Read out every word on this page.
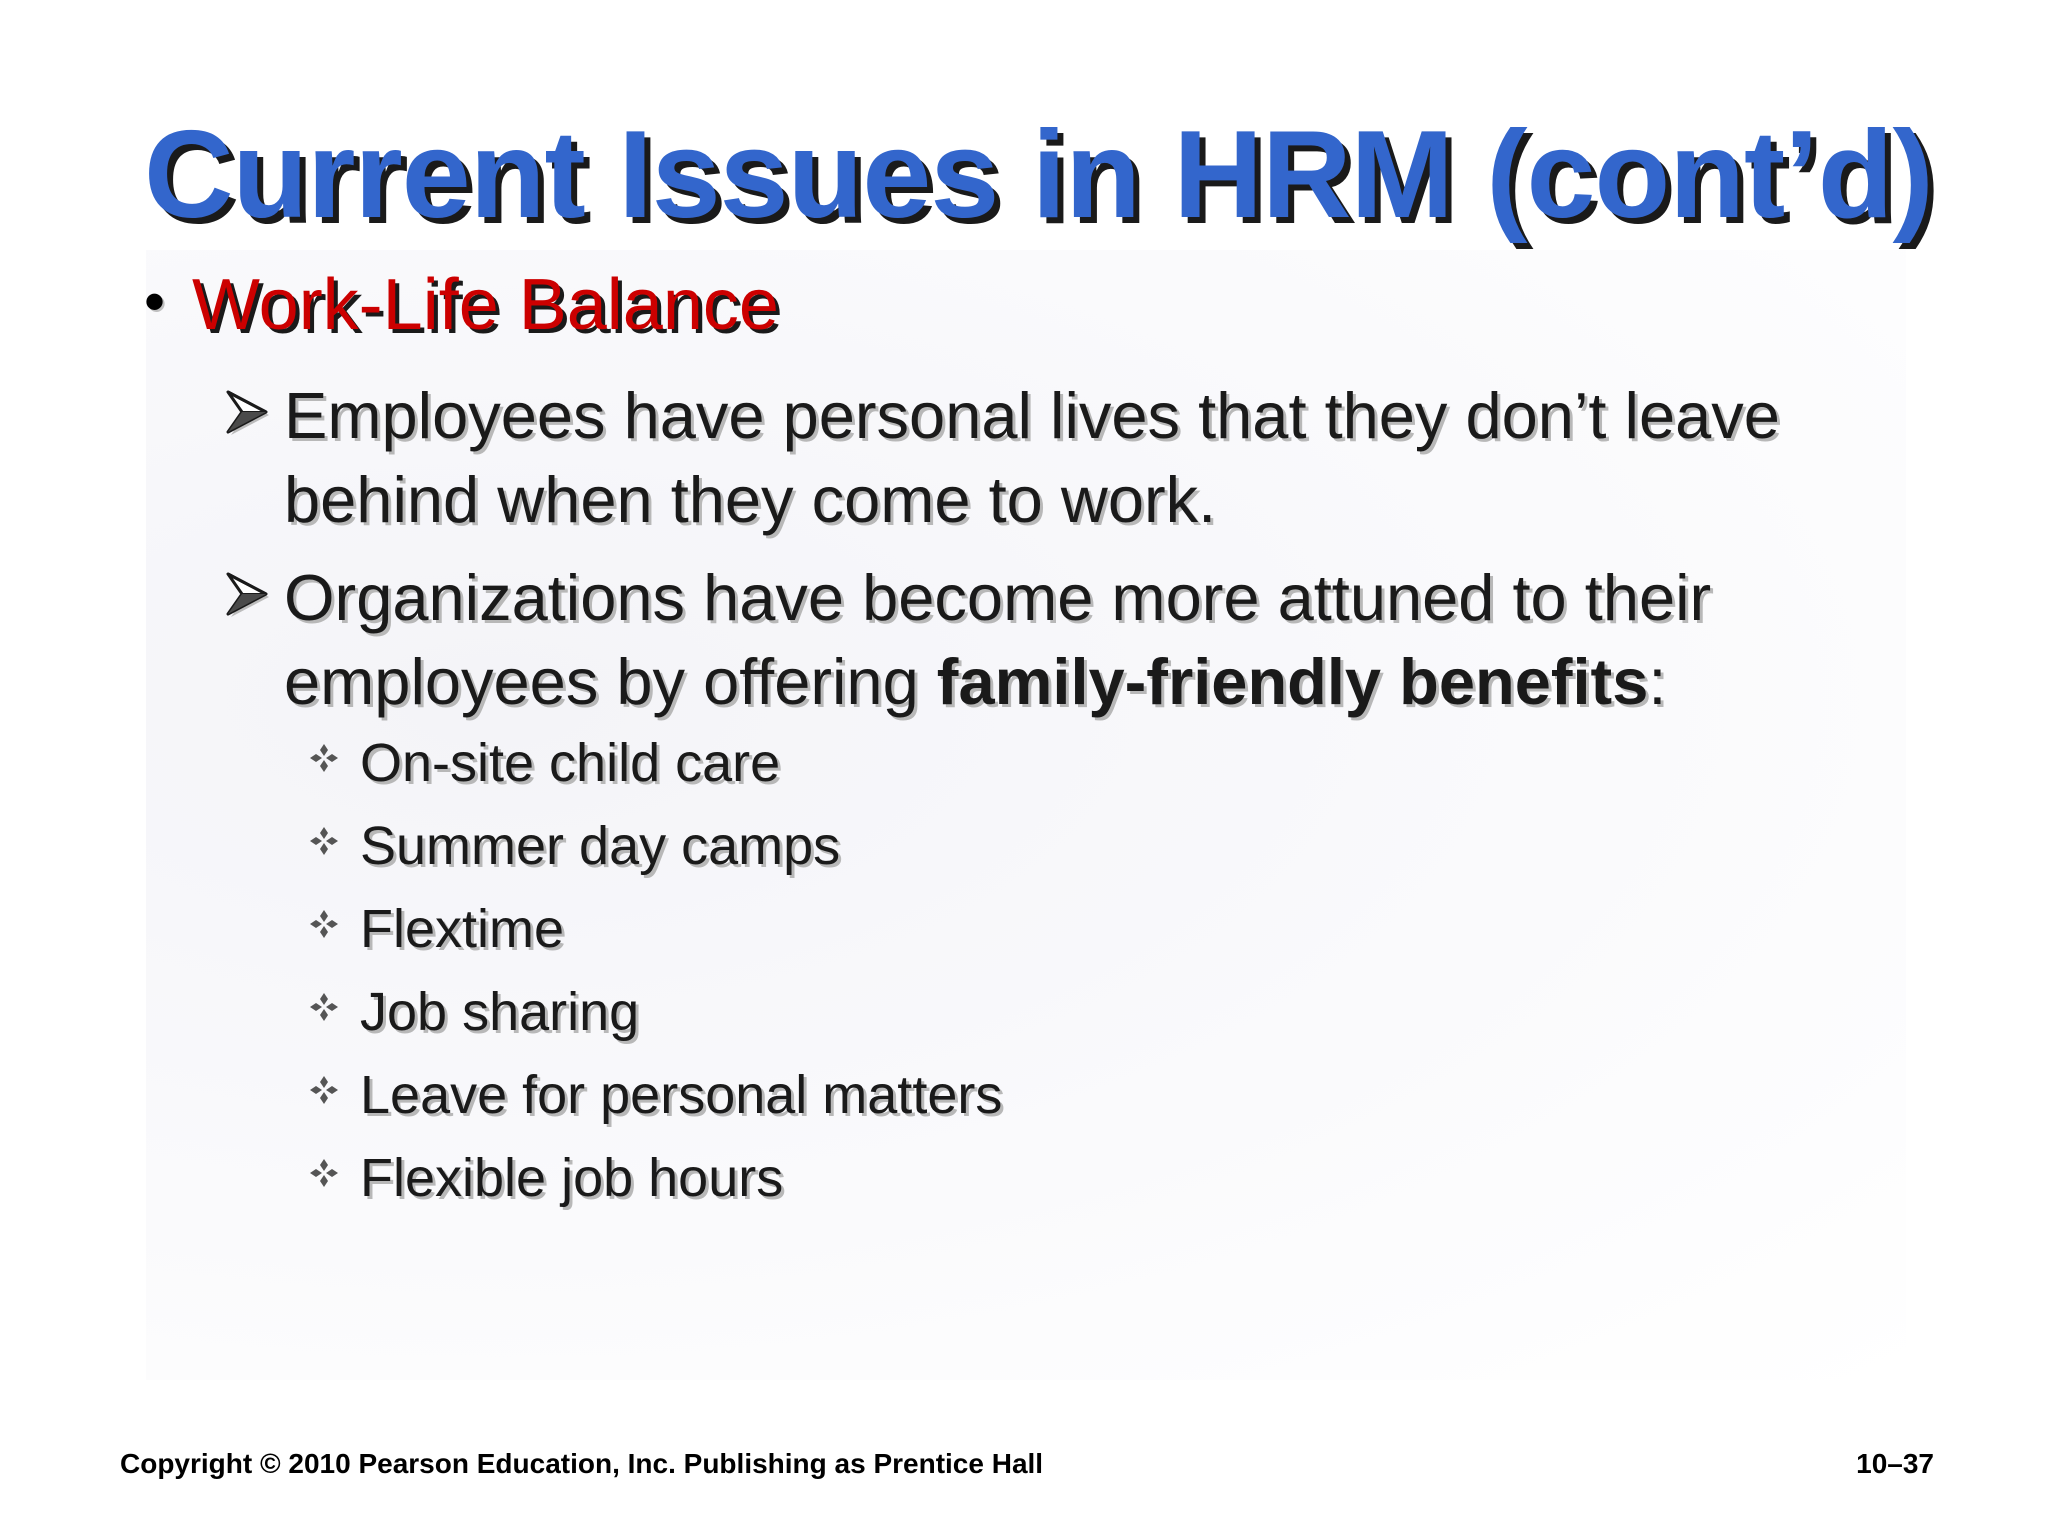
Current Issues in HRM (cont’d)
• Work-Life Balance
Employees have personal lives that they don’t leave behind when they come to work.
Organizations have become more attuned to their employees by offering family-friendly benefits:
On-site child care
Summer day camps
Flextime
Job sharing
Leave for personal matters
Flexible job hours
Copyright © 2010 Pearson Education, Inc. Publishing as Prentice Hall	10–37
